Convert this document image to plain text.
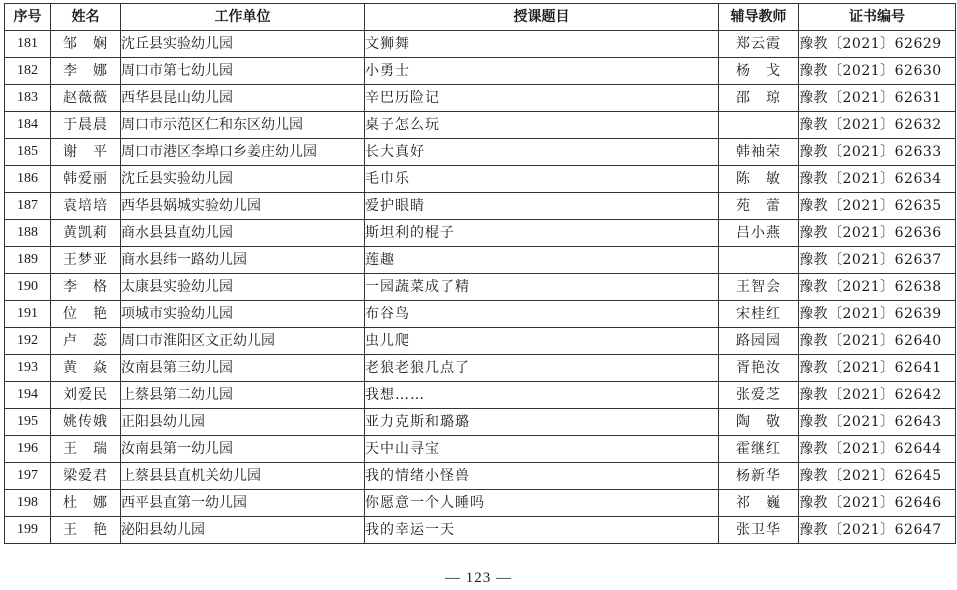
序号	姓名	工作单位	授课题目	辅导教师	证书编号
181	邹　娴	沈丘县实验幼儿园	文狮舞	郑云霞	豫教〔2021〕62629
182	李　娜	周口市第七幼儿园	小勇士	杨　戈	豫教〔2021〕62630
183	赵薇薇	西华县昆山幼儿园	辛巴历险记	邵　琼	豫教〔2021〕62631
184	于晨晨	周口市示范区仁和东区幼儿园	桌子怎么玩		豫教〔2021〕62632
185	谢　平	周口市港区李埠口乡姜庄幼儿园	长大真好	韩袖荣	豫教〔2021〕62633
186	韩爱丽	沈丘县实验幼儿园	毛巾乐	陈　敏	豫教〔2021〕62634
187	袁培培	西华县娲城实验幼儿园	爱护眼睛	苑　蕾	豫教〔2021〕62635
188	黄凯莉	商水县县直幼儿园	斯坦利的棍子	吕小燕	豫教〔2021〕62636
189	王梦亚	商水县纬一路幼儿园	莲趣		豫教〔2021〕62637
190	李　格	太康县实验幼儿园	一园蔬菜成了精	王智会	豫教〔2021〕62638
191	位　艳	项城市实验幼儿园	布谷鸟	宋桂红	豫教〔2021〕62639
192	卢　蕊	周口市淮阳区文正幼儿园	虫儿爬	路园园	豫教〔2021〕62640
193	黄　焱	汝南县第三幼儿园	老狼老狼几点了	胥艳汝	豫教〔2021〕62641
194	刘爱民	上蔡县第二幼儿园	我想……	张爱芝	豫教〔2021〕62642
195	姚传娥	正阳县幼儿园	亚力克斯和璐璐	陶　敬	豫教〔2021〕62643
196	王　瑞	汝南县第一幼儿园	天中山寻宝	霍继红	豫教〔2021〕62644
197	梁爱君	上蔡县县直机关幼儿园	我的情绪小怪兽	杨新华	豫教〔2021〕62645
198	杜　娜	西平县直第一幼儿园	你愿意一个人睡吗	祁　巍	豫教〔2021〕62646
199	王　艳	泌阳县幼儿园	我的幸运一天	张卫华	豫教〔2021〕62647
— 123 —
